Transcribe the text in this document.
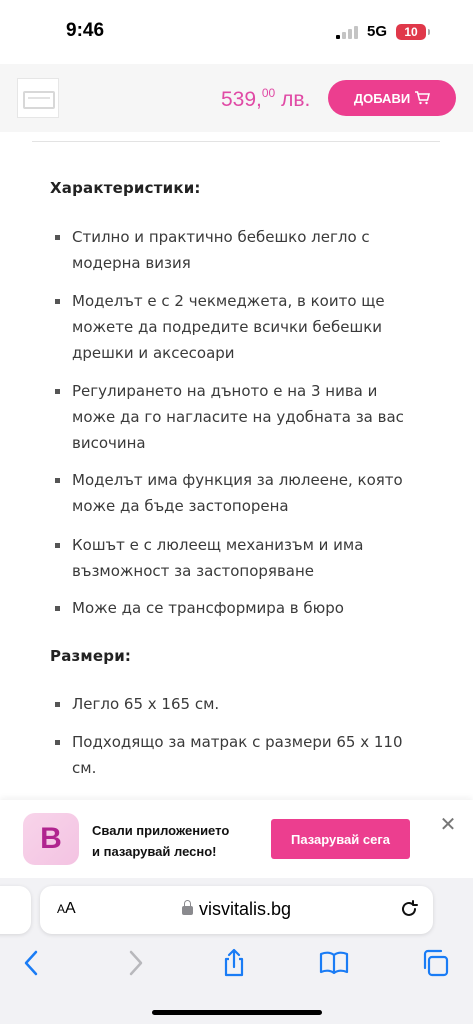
9:46	5G	10
539,00 лв.	ДОБАВИ
Характеристики:
Стилно и практично бебешко легло с модерна визия
Моделът е с 2 чекмеджета, в които ще можете да подредите всички бебешки дрешки и аксесоари
Регулирането на дъното е на 3 нива и може да го нагласите на удобната за вас височина
Моделът има функция за люлеене, която може да бъде застопорена
Кошът е с люлеещ механизъм и има възможност за застопоряване
Може да се трансформира в бюро
Размери:
Легло 65 х 165 см.
Подходящо за матрак с размери 65 х 110 см.
B	Свали приложението
и пазарувай лесно!
Пазарувай сега
✕
AA	visvitalis.bg
